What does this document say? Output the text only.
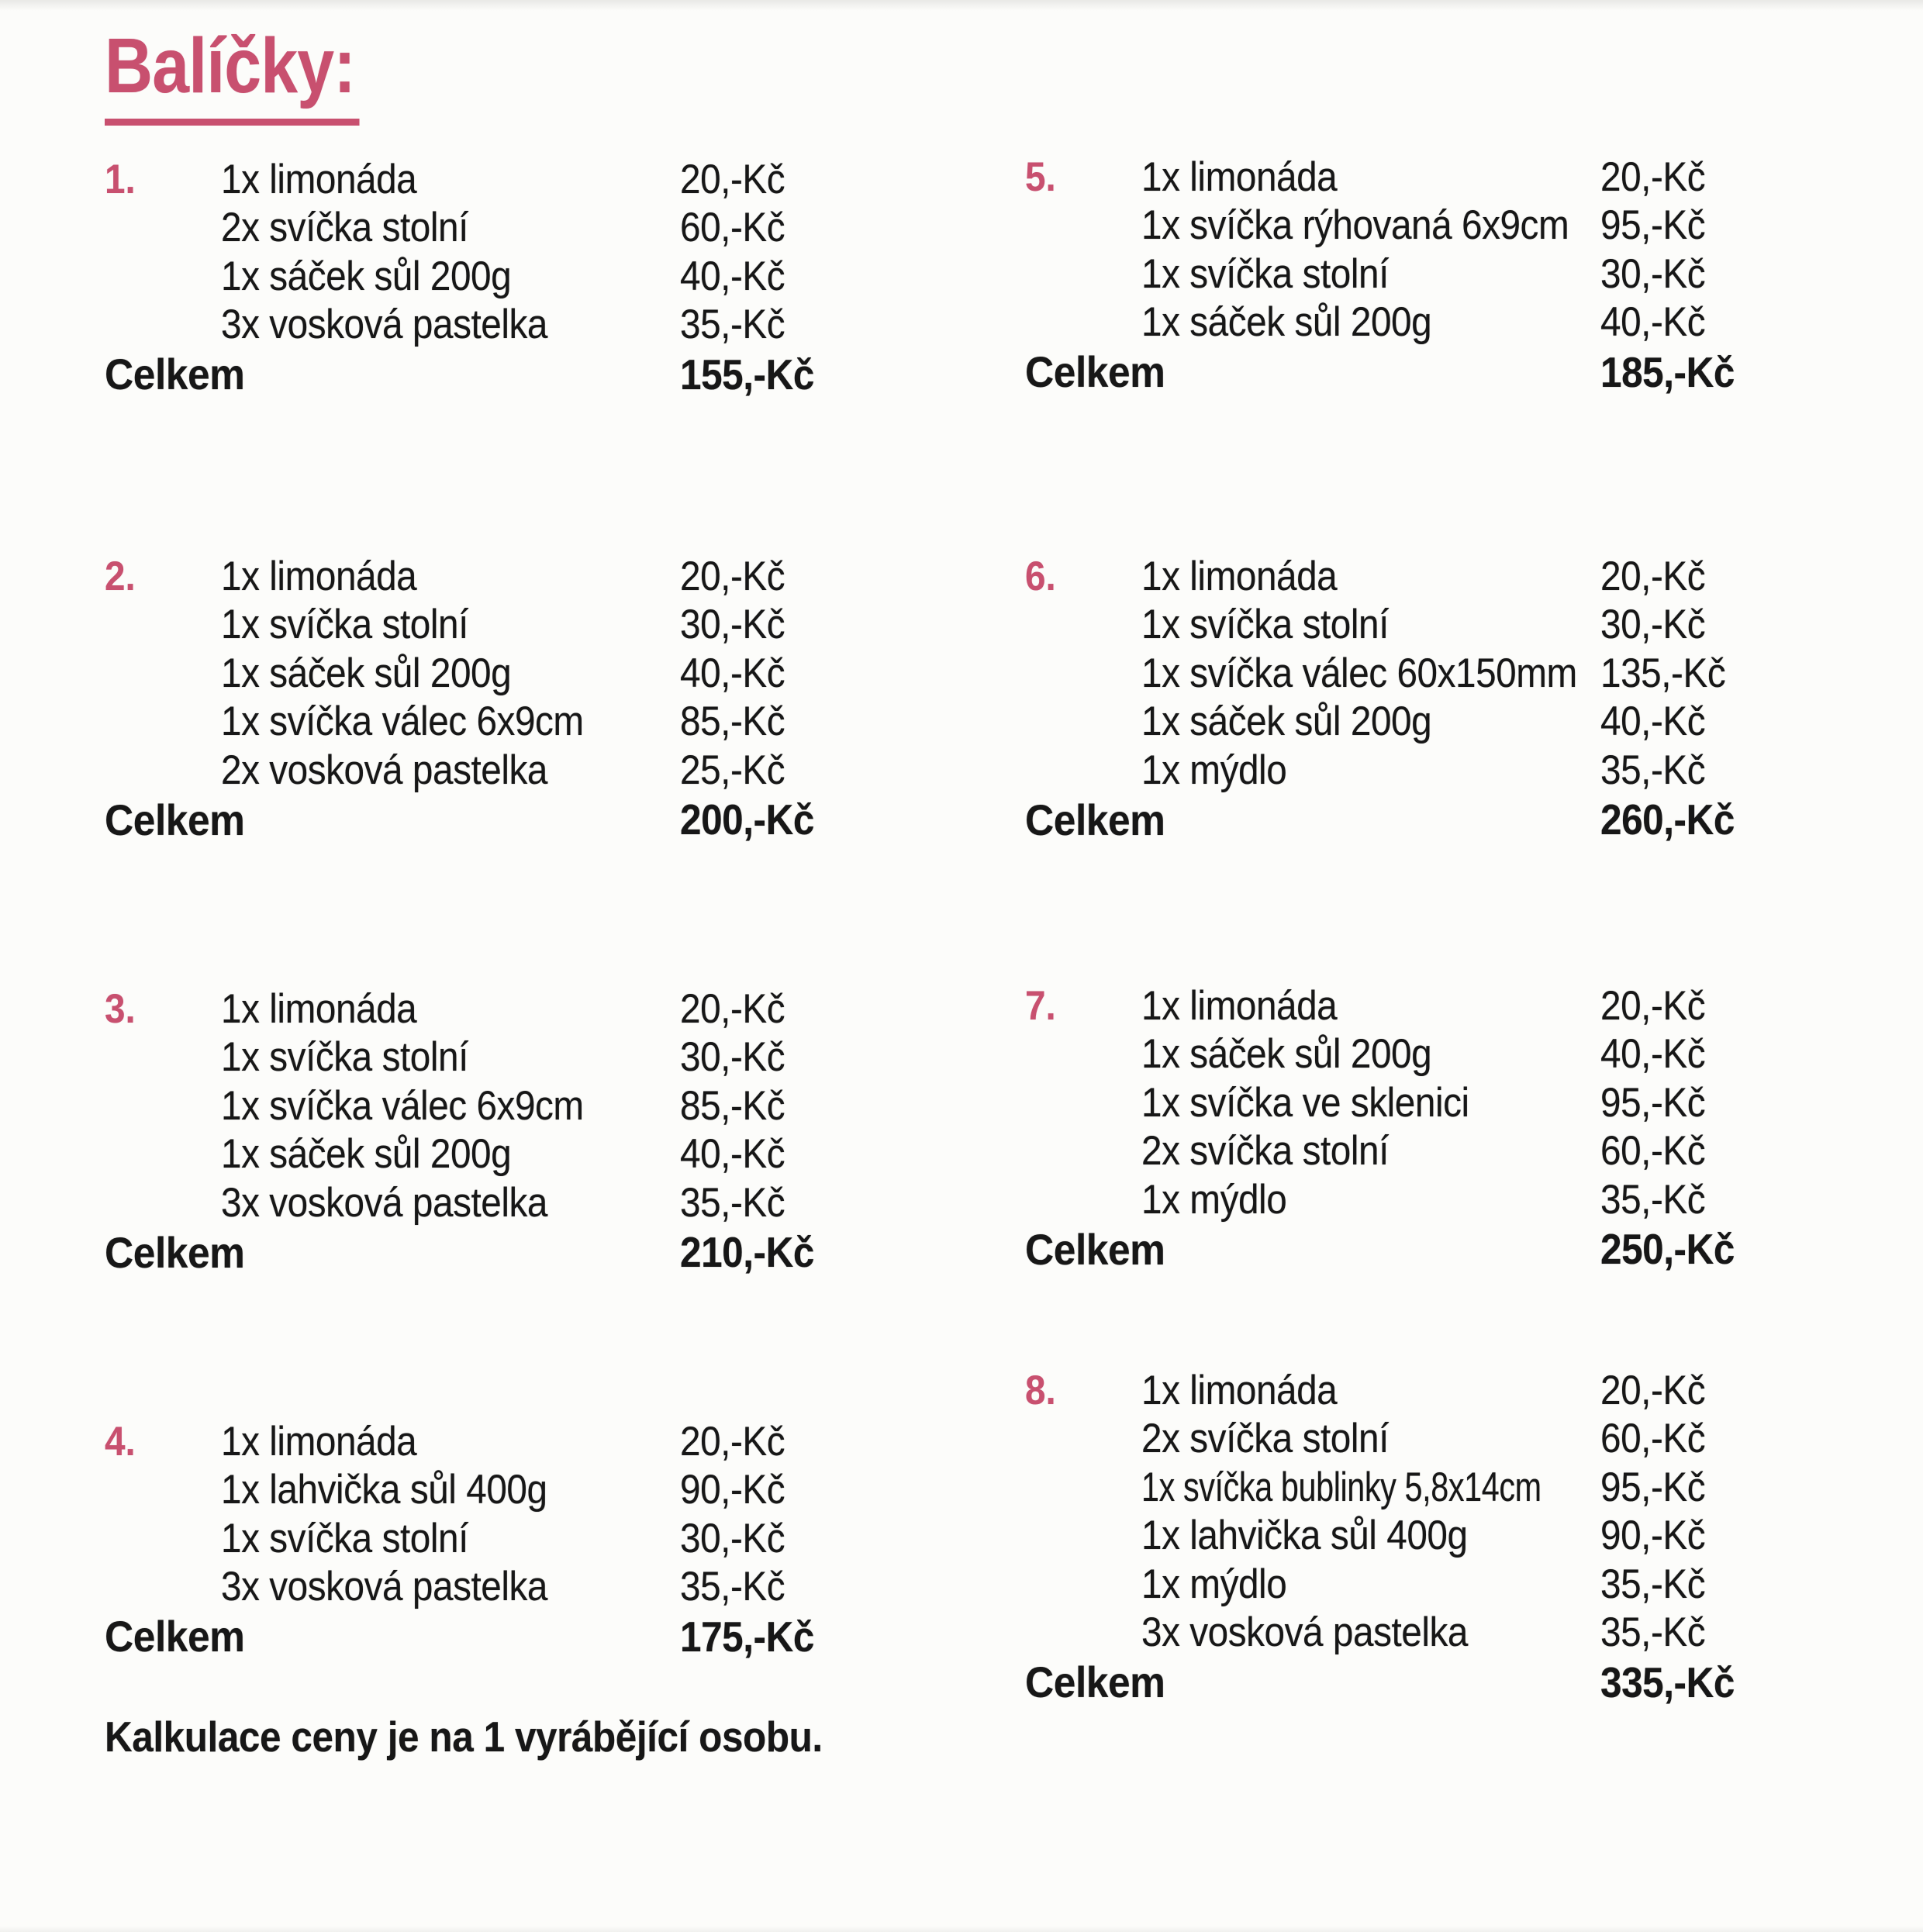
Balíčky:
1.	1x limonáda	20,-Kč
2x svíčka stolní	60,-Kč
1x sáček sůl 200g	40,-Kč
3x vosková pastelka	35,-Kč
Celkem	155,-Kč
2.	1x limonáda	20,-Kč
1x svíčka stolní	30,-Kč
1x sáček sůl 200g	40,-Kč
1x svíčka válec 6x9cm	85,-Kč
2x vosková pastelka	25,-Kč
Celkem	200,-Kč
3.	1x limonáda	20,-Kč
1x svíčka stolní	30,-Kč
1x svíčka válec 6x9cm	85,-Kč
1x sáček sůl 200g	40,-Kč
3x vosková pastelka	35,-Kč
Celkem	210,-Kč
4.	1x limonáda	20,-Kč
1x lahvička sůl 400g	90,-Kč
1x svíčka stolní	30,-Kč
3x vosková pastelka	35,-Kč
Celkem	175,-Kč
5.	1x limonáda	20,-Kč
1x svíčka rýhovaná 6x9cm 95,-Kč
1x svíčka stolní	30,-Kč
1x sáček sůl 200g	40,-Kč
Celkem	185,-Kč
6.	1x limonáda	20,-Kč
1x svíčka stolní	30,-Kč
1x svíčka válec 60x150mm 135,-Kč
1x sáček sůl 200g	40,-Kč
1x mýdlo	35,-Kč
Celkem	260,-Kč
7.	1x limonáda	20,-Kč
1x sáček sůl 200g	40,-Kč
1x svíčka ve sklenici	95,-Kč
2x svíčka stolní	60,-Kč
1x mýdlo	35,-Kč
Celkem	250,-Kč
8.	1x limonáda	20,-Kč
2x svíčka stolní	60,-Kč
1x svíčka bublinky 5,8x14cm 95,-Kč
1x lahvička sůl 400g	90,-Kč
1x mýdlo	35,-Kč
3x vosková pastelka	35,-Kč
Celkem	335,-Kč

Kalkulace ceny je na 1 vyrábějící osobu.
